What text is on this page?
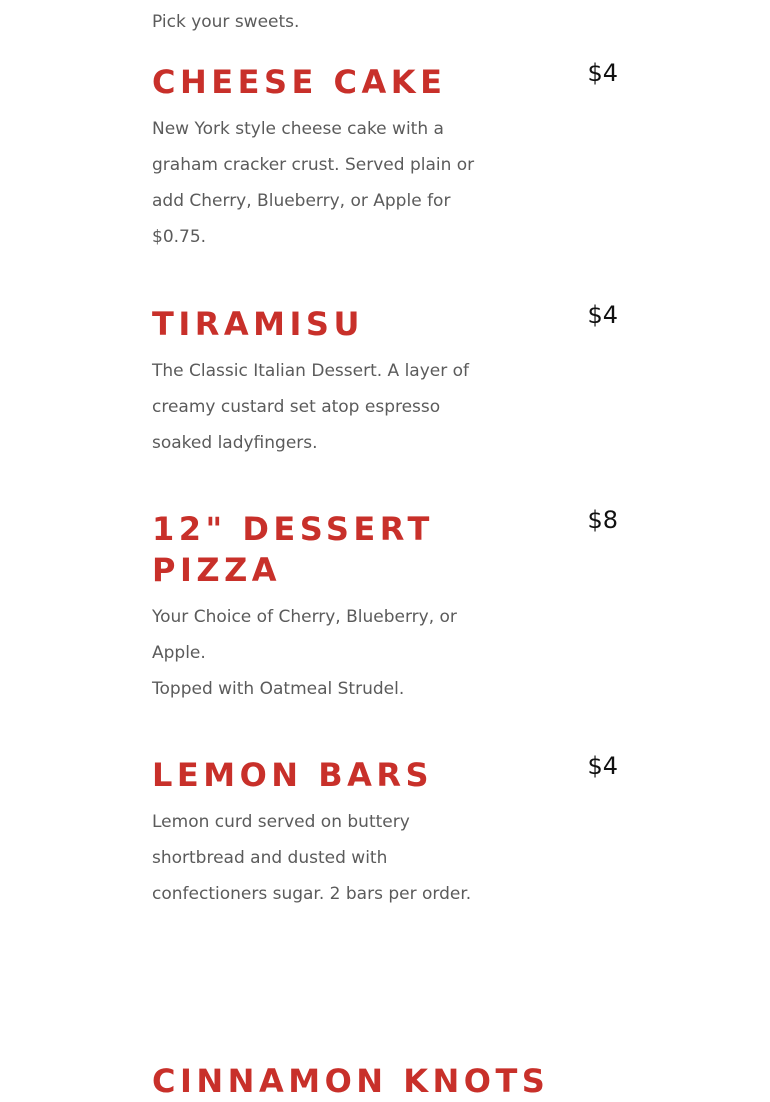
Pick your sweets.

CHEESE CAKE	$4

New York style cheese cake with a graham cracker crust. Served plain or add Cherry, Blueberry, or Apple for $0.75.

TIRAMISU	$4

The Classic Italian Dessert. A layer of creamy custard set atop espresso soaked ladyfingers.

12" DESSERT PIZZA
$8

Your Choice of Cherry, Blueberry, or Apple.
Topped with Oatmeal Strudel.

LEMON BARS	$4

Lemon curd served on buttery shortbread and dusted with confectioners sugar. 2 bars per order.

CINNAMON KNOTS
